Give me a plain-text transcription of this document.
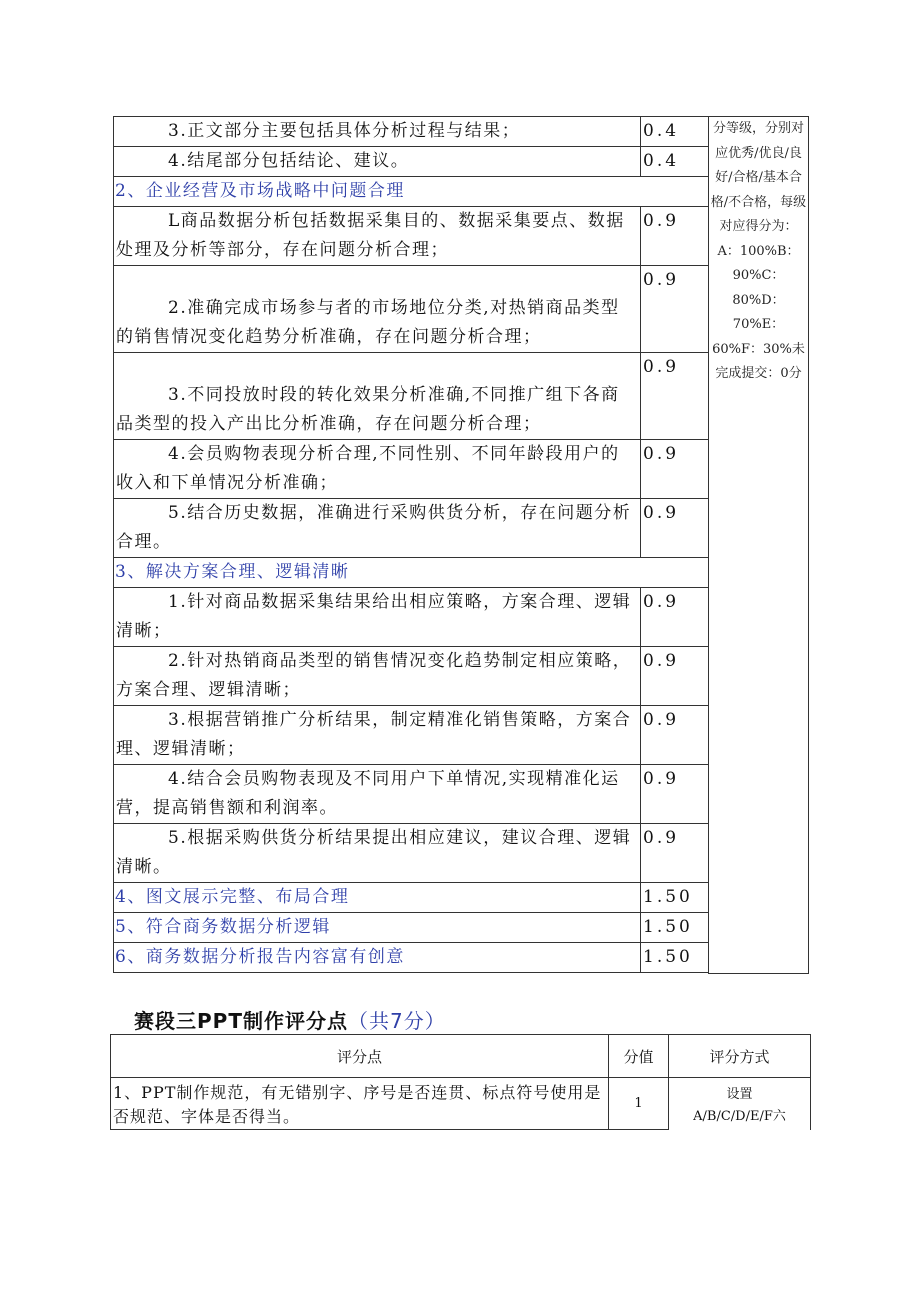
3.正文部分主要包括具体分析过程与结果；	0.4	分等级，分别对应优秀/优良/良好/合格/基本合格/不合格，每级对应得分为：A：100%B：90%C：80%D：70%E：60%F：30%未完成提交：0分
4.结尾部分包括结论、建议。	0.4	
2、企业经营及市场战略中问题合理		
L商品数据分析包括数据采集目的、数据采集要点、数据处理及分析等部分，存在问题分析合理；	0.9	
2.准确完成市场参与者的市场地位分类,对热销商品类型的销售情况变化趋势分析准确，存在问题分析合理；	0.9	
3.不同投放时段的转化效果分析准确,不同推广组下各商品类型的投入产出比分析准确，存在问题分析合理；	0.9	
4.会员购物表现分析合理,不同性别、不同年龄段用户的收入和下单情况分析准确；	0.9	
5.结合历史数据，准确进行采购供货分析，存在问题分析合理。	0.9	
3、解决方案合理、逻辑清晰		
1.针对商品数据采集结果给出相应策略，方案合理、逻辑清晰；	0.9	
2.针对热销商品类型的销售情况变化趋势制定相应策略，方案合理、逻辑清晰；	0.9	
3.根据营销推广分析结果，制定精准化销售策略，方案合理、逻辑清晰；	0.9	
4.结合会员购物表现及不同用户下单情况,实现精准化运营，提高销售额和利润率。	0.9	
5.根据采购供货分析结果提出相应建议，建议合理、逻辑清晰。	0.9	
4、图文展示完整、布局合理	1.50	
5、符合商务数据分析逻辑	1.50	
6、商务数据分析报告内容富有创意	1.50	

赛段三PPT制作评分点（共7分）
评分点	分值	评分方式
1、PPT制作规范，有无错别字、序号是否连贯、标点符号使用是否规范、字体是否得当。	1	设置
A/B/C/D/E/F六
